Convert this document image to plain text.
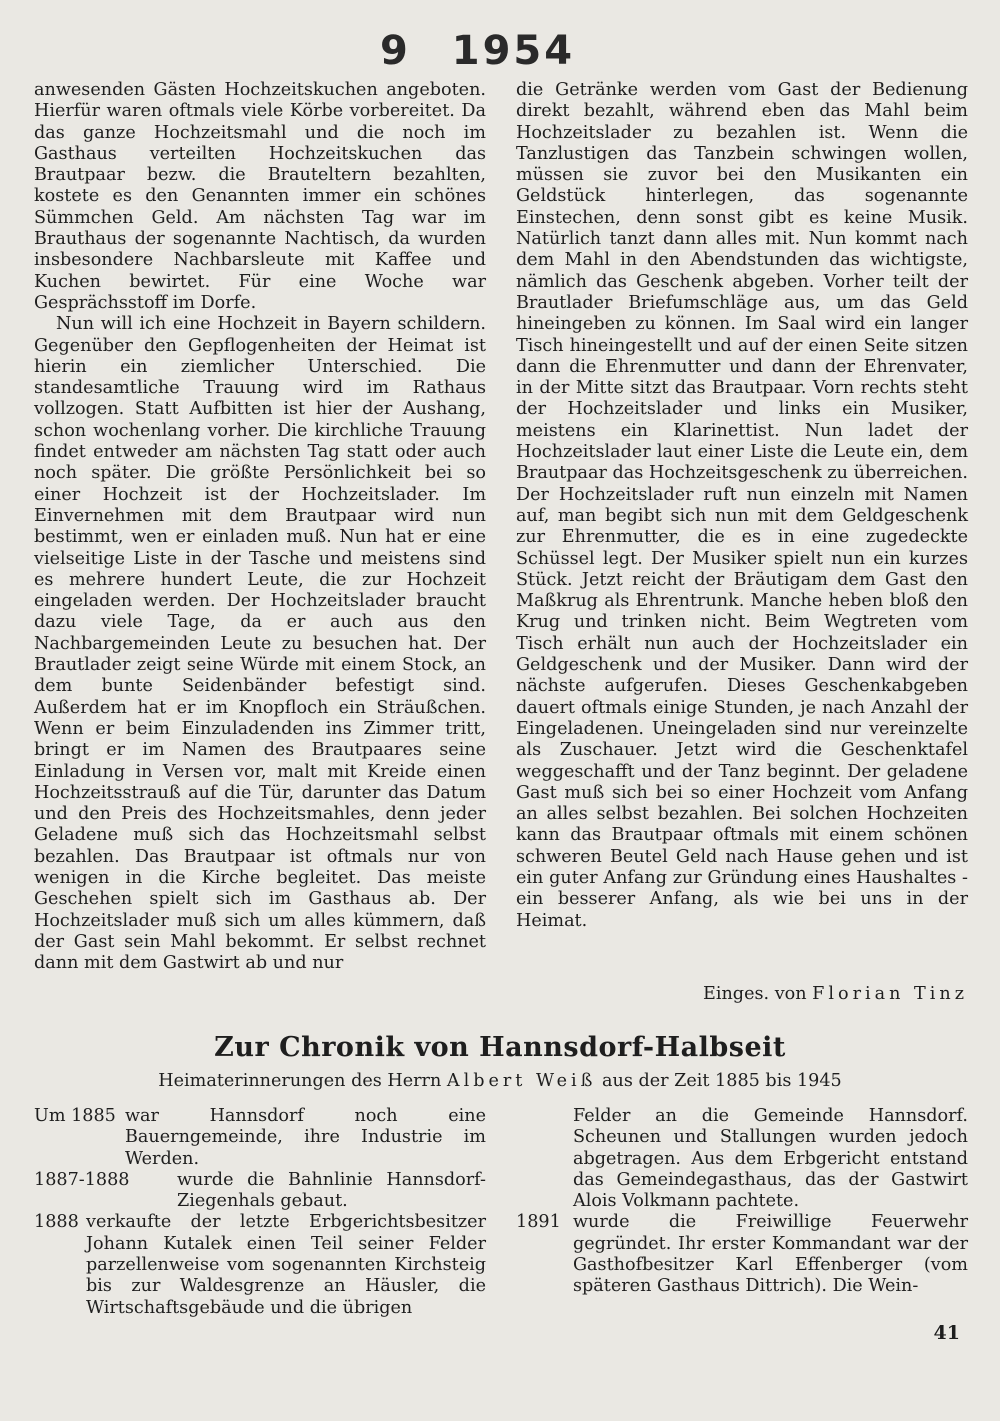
9 1954

anwesenden Gästen Hochzeitskuchen angeboten. Hierfür waren oftmals viele Körbe vorbereitet. Da das ganze Hochzeitsmahl und die noch im Gasthaus verteilten Hochzeitskuchen das Brautpaar bezw. die Brauteltern bezahlten, kostete es den Genannten immer ein schönes Sümmchen Geld. Am nächsten Tag war im Brauthaus der sogenannte Nachtisch, da wurden insbesondere Nachbarsleute mit Kaffee und Kuchen bewirtet. Für eine Woche war Gesprächsstoff im Dorfe.

Nun will ich eine Hochzeit in Bayern schildern. Gegenüber den Gepflogenheiten der Heimat ist hierin ein ziemlicher Unterschied. Die standesamtliche Trauung wird im Rathaus vollzogen. Statt Aufbitten ist hier der Aushang, schon wochenlang vorher. Die kirchliche Trauung findet entweder am nächsten Tag statt oder auch noch später. Die größte Persönlichkeit bei so einer Hochzeit ist der Hochzeitslader. Im Einvernehmen mit dem Brautpaar wird nun bestimmt, wen er einladen muß. Nun hat er eine vielseitige Liste in der Tasche und meistens sind es mehrere hundert Leute, die zur Hochzeit eingeladen werden. Der Hochzeitslader braucht dazu viele Tage, da er auch aus den Nachbargemeinden Leute zu besuchen hat. Der Brautlader zeigt seine Würde mit einem Stock, an dem bunte Seidenbänder befestigt sind. Außerdem hat er im Knopfloch ein Sträußchen. Wenn er beim Einzuladenden ins Zimmer tritt, bringt er im Namen des Brautpaares seine Einladung in Versen vor, malt mit Kreide einen Hochzeitsstrauß auf die Tür, darunter das Datum und den Preis des Hochzeitsmahles, denn jeder Geladene muß sich das Hochzeitsmahl selbst bezahlen. Das Brautpaar ist oftmals nur von wenigen in die Kirche begleitet. Das meiste Geschehen spielt sich im Gasthaus ab. Der Hochzeitslader muß sich um alles kümmern, daß der Gast sein Mahl bekommt. Er selbst rechnet dann mit dem Gastwirt ab und nur

die Getränke werden vom Gast der Bedienung direkt bezahlt, während eben das Mahl beim Hochzeitslader zu bezahlen ist. Wenn die Tanzlustigen das Tanzbein schwingen wollen, müssen sie zuvor bei den Musikanten ein Geldstück hinterlegen, das sogenannte Einstechen, denn sonst gibt es keine Musik. Natürlich tanzt dann alles mit. Nun kommt nach dem Mahl in den Abendstunden das wichtigste, nämlich das Geschenk abgeben. Vorher teilt der Brautlader Briefumschläge aus, um das Geld hineingeben zu können. Im Saal wird ein langer Tisch hineingestellt und auf der einen Seite sitzen dann die Ehrenmutter und dann der Ehrenvater, in der Mitte sitzt das Brautpaar. Vorn rechts steht der Hochzeitslader und links ein Musiker, meistens ein Klarinettist. Nun ladet der Hochzeitslader laut einer Liste die Leute ein, dem Brautpaar das Hochzeitsgeschenk zu überreichen. Der Hochzeitslader ruft nun einzeln mit Namen auf, man begibt sich nun mit dem Geldgeschenk zur Ehrenmutter, die es in eine zugedeckte Schüssel legt. Der Musiker spielt nun ein kurzes Stück. Jetzt reicht der Bräutigam dem Gast den Maßkrug als Ehrentrunk. Manche heben bloß den Krug und trinken nicht. Beim Wegtreten vom Tisch erhält nun auch der Hochzeitslader ein Geldgeschenk und der Musiker. Dann wird der nächste aufgerufen. Dieses Geschenkabgeben dauert oftmals einige Stunden, je nach Anzahl der Eingeladenen. Uneingeladen sind nur vereinzelte als Zuschauer. Jetzt wird die Geschenktafel weggeschafft und der Tanz beginnt. Der geladene Gast muß sich bei so einer Hochzeit vom Anfang an alles selbst bezahlen. Bei solchen Hochzeiten kann das Brautpaar oftmals mit einem schönen schweren Beutel Geld nach Hause gehen und ist ein guter Anfang zur Gründung eines Haushaltes - ein besserer Anfang, als wie bei uns in der Heimat.

Einges. von Florian Tinz
Zur Chronik von Hannsdorf-Halbseit
Heimaterinnerungen des Herrn Albert Weiß aus der Zeit 1885 bis 1945
Um 1885 war Hannsdorf noch eine Bauerngemeinde, ihre Industrie im Werden.
1887-1888	wurde die Bahnlinie Hannsdorf-Ziegenhals gebaut.
1888 verkaufte der letzte Erbgerichtsbesitzer Johann Kutalek einen Teil seiner Felder parzellenweise vom sogenannten Kirchsteig bis zur Waldesgrenze an Häusler, die Wirtschaftsgebäude und die übrigen
Felder an die Gemeinde Hannsdorf. Scheunen und Stallungen wurden jedoch abgetragen. Aus dem Erbgericht entstand das Gemeindegasthaus, das der Gastwirt Alois Volkmann pachtete.
1891 wurde die Freiwillige Feuerwehr gegründet. Ihr erster Kommandant war der Gasthofbesitzer Karl Effenberger (vom späteren Gasthaus Dittrich). Die Wein-
41
